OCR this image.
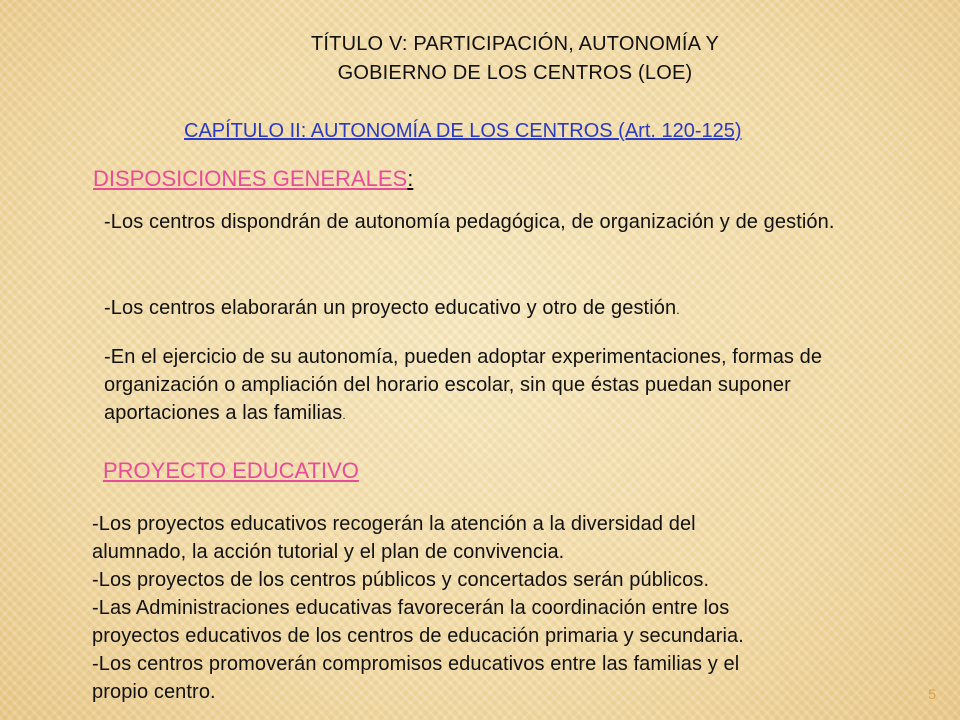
TÍTULO V: PARTICIPACIÓN, AUTONOMÍA Y
GOBIERNO DE LOS CENTROS (LOE)
CAPÍTULO II: AUTONOMÍA DE LOS CENTROS (Art. 120-125)
DISPOSICIONES GENERALES:
-Los centros dispondrán de autonomía pedagógica, de organización y de gestión.
-Los centros elaborarán un proyecto educativo y otro de gestión.
-En el ejercicio de su autonomía, pueden adoptar experimentaciones, formas de organización o ampliación del horario escolar, sin que éstas puedan suponer aportaciones a las familias.
PROYECTO EDUCATIVO
-Los proyectos educativos recogerán la atención a la diversidad del
alumnado, la acción tutorial y el plan de convivencia.
-Los proyectos de los centros públicos y concertados serán públicos.
-Las Administraciones educativas favorecerán la coordinación entre los
proyectos educativos de los centros de educación primaria y secundaria.
-Los centros promoverán compromisos educativos entre las familias y el
propio centro.	5
